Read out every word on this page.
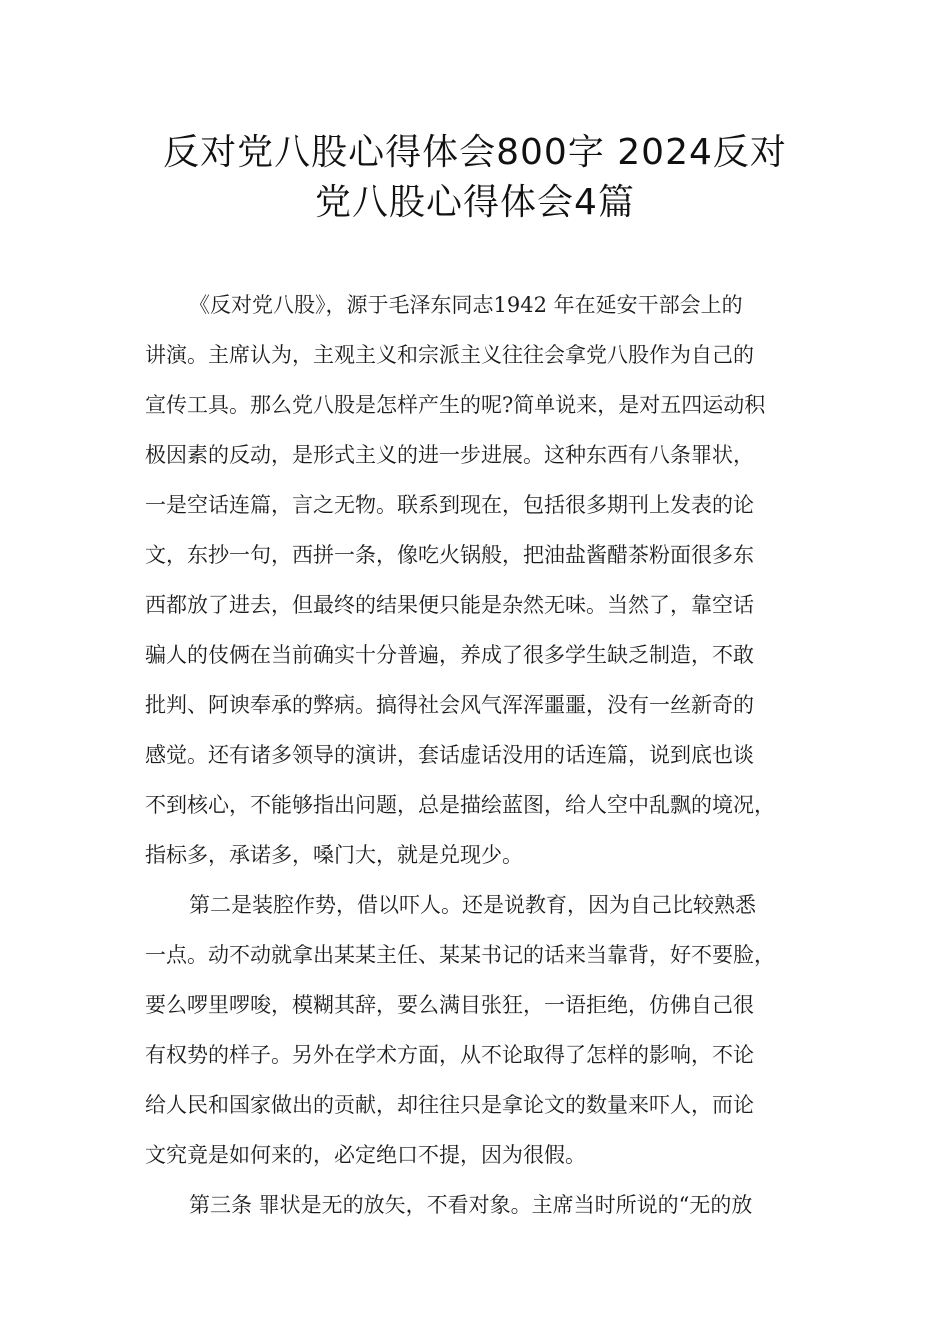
反对党八股心得体会800字 2024反对
党八股心得体会4篇

《反对党八股》，源于毛泽东同志1942 年在延安干部会上的
讲演。主席认为，主观主义和宗派主义往往会拿党八股作为自己的
宣传工具。那么党八股是怎样产生的呢?简单说来，是对五四运动积
极因素的反动，是形式主义的进一步进展。这种东西有八条罪状，
一是空话连篇，言之无物。联系到现在，包括很多期刊上发表的论
文，东抄一句，西拼一条，像吃火锅般，把油盐酱醋茶粉面很多东
西都放了进去，但最终的结果便只能是杂然无味。当然了，靠空话
骗人的伎俩在当前确实十分普遍，养成了很多学生缺乏制造，不敢
批判、阿谀奉承的弊病。搞得社会风气浑浑噩噩，没有一丝新奇的
感觉。还有诸多领导的演讲，套话虚话没用的话连篇，说到底也谈
不到核心，不能够指出问题，总是描绘蓝图，给人空中乱飘的境况，
指标多，承诺多，嗓门大，就是兑现少。

第二是装腔作势，借以吓人。还是说教育，因为自己比较熟悉
一点。动不动就拿出某某主任、某某书记的话来当靠背，好不要脸，
要么啰里啰唆，模糊其辞，要么满目张狂，一语拒绝，仿佛自己很
有权势的样子。另外在学术方面，从不论取得了怎样的影响，不论
给人民和国家做出的贡献，却往往只是拿论文的数量来吓人，而论
文究竟是如何来的，必定绝口不提，因为很假。

第三条 罪状是无的放矢，不看对象。主席当时所说的“无的放
